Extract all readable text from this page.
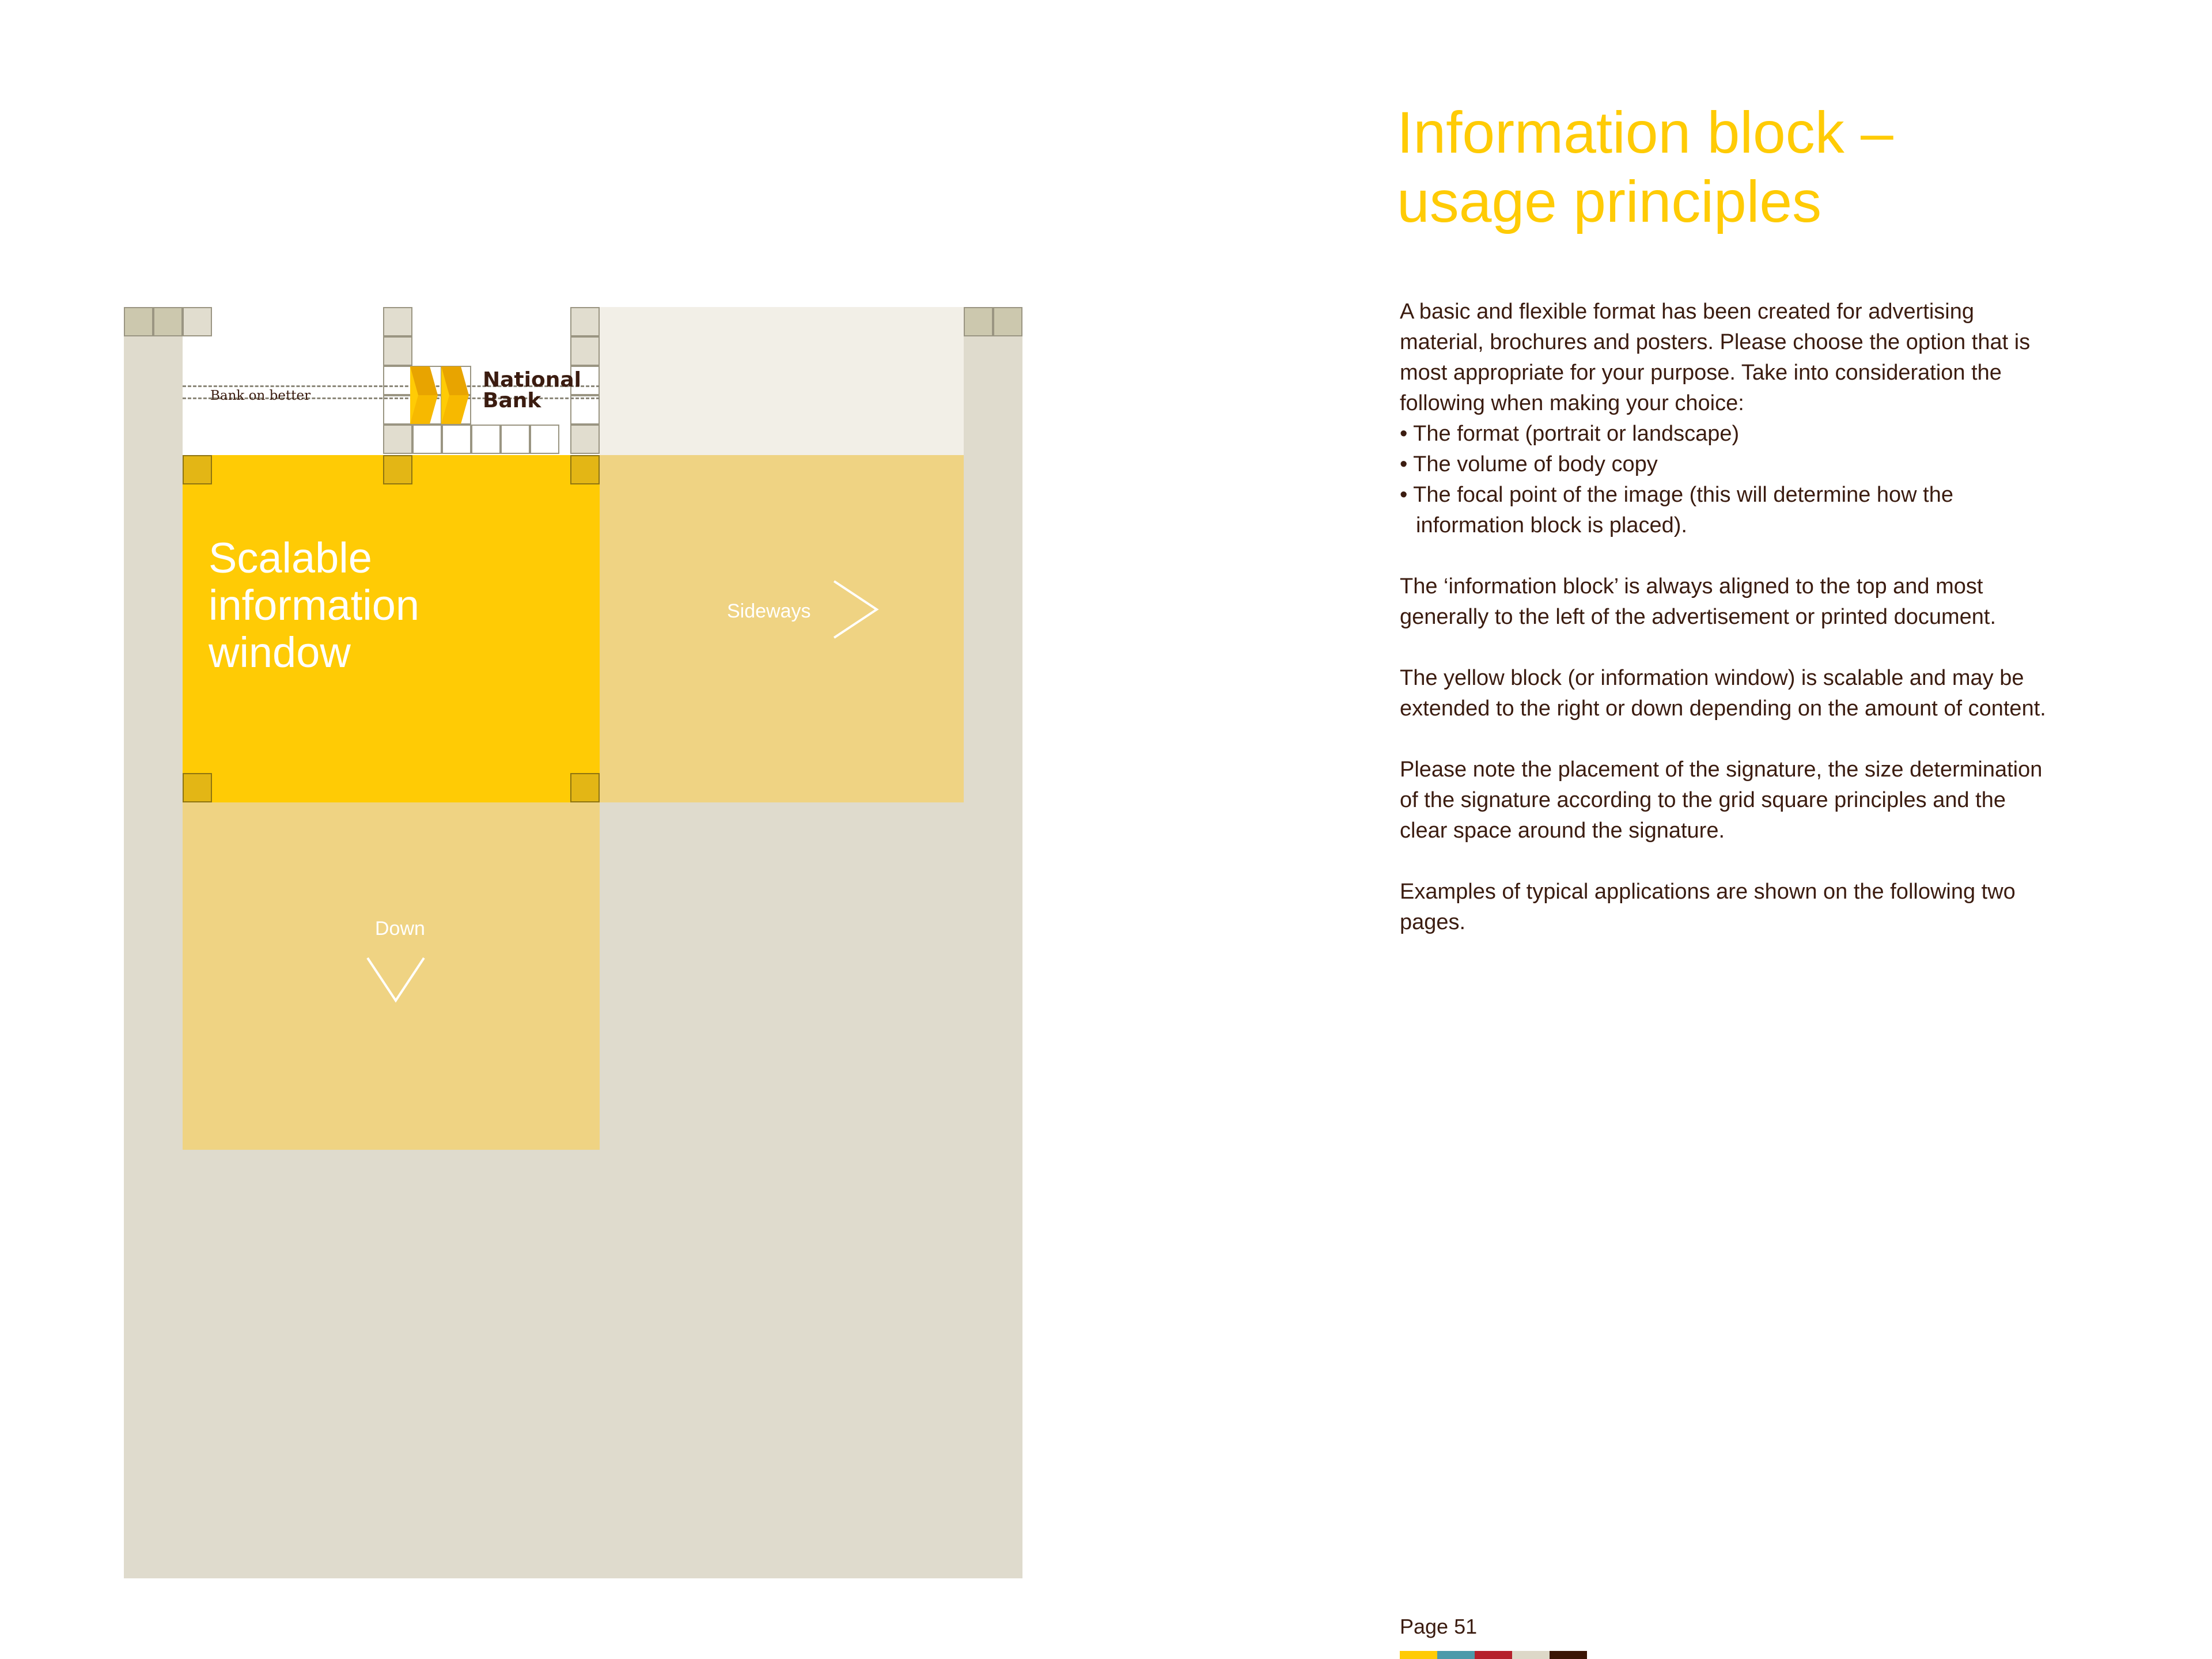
Bank on better
National
Bank
Scalable
information
window
Sideways
Down
Information block –
usage principles

A basic and flexible format has been created for advertising
material, brochures and posters. Please choose the option that is
most appropriate for your purpose. Take into consideration the
following when making your choice:
• The format (portrait or landscape)
• The volume of body copy
• The focal point of the image (this will determine how the information block is placed).

The ‘information block’ is always aligned to the top and most generally to the left of the advertisement or printed document.

The yellow block (or information window) is scalable and may be extended to the right or down depending on the amount of content.

Please note the placement of the signature, the size determination of the signature according to the grid square principles and the clear space around the signature.

Examples of typical applications are shown on the following two pages.

Page 51
